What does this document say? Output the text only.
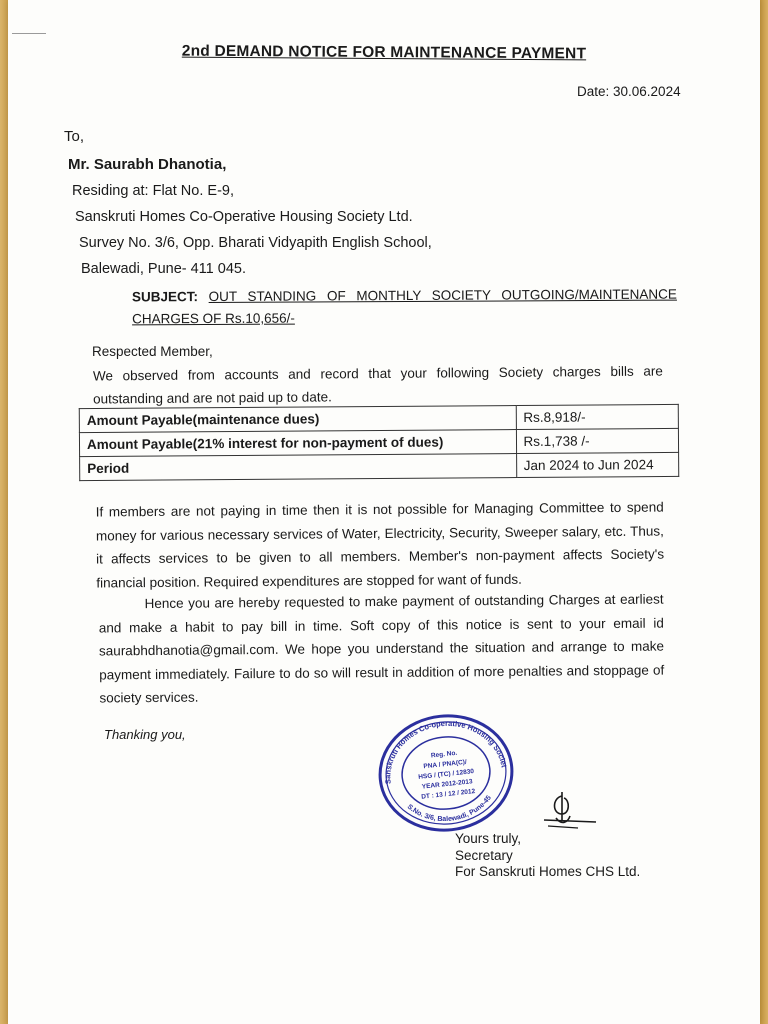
2nd DEMAND NOTICE FOR MAINTENANCE PAYMENT
Date: 30.06.2024
To,
Mr. Saurabh Dhanotia,
Residing at: Flat No. E-9,
Sanskruti Homes Co-Operative Housing Society Ltd.
Survey No. 3/6, Opp. Bharati Vidyapith English School,
Balewadi, Pune- 411 045.
SUBJECT: OUT STANDING OF MONTHLY SOCIETY OUTGOING/MAINTENANCE CHARGES OF Rs.10,656/-
Respected Member,
We observed from accounts and record that your following Society charges bills are outstanding and are not paid up to date.
Amount Payable(maintenance dues)	Rs.8,918/-
Amount Payable(21% interest for non-payment of dues)	Rs.1,738 /-
Period	Jan 2024 to Jun 2024
If members are not paying in time then it is not possible for Managing Committee to spend money for various necessary services of Water, Electricity, Security, Sweeper salary, etc. Thus, it affects services to be given to all members. Member's non-payment affects Society's financial position. Required expenditures are stopped for want of funds.
Hence you are hereby requested to make payment of outstanding Charges at earliest and make a habit to pay bill in time. Soft copy of this notice is sent to your email id saurabhdhanotia@gmail.com. We hope you understand the situation and arrange to make payment immediately. Failure to do so will result in addition of more penalties and stoppage of society services.
Thanking you,
Sanskruti Homes Co-operative Housing Society
S.No. 3/6, Balewadi, Pune-45
Reg. No.
PNA / PNA(C)/
HSG / (TC) / 12830
YEAR 2012-2013
DT : 13 / 12 / 2012
Yours truly,
Secretary
For Sanskruti Homes CHS Ltd.
